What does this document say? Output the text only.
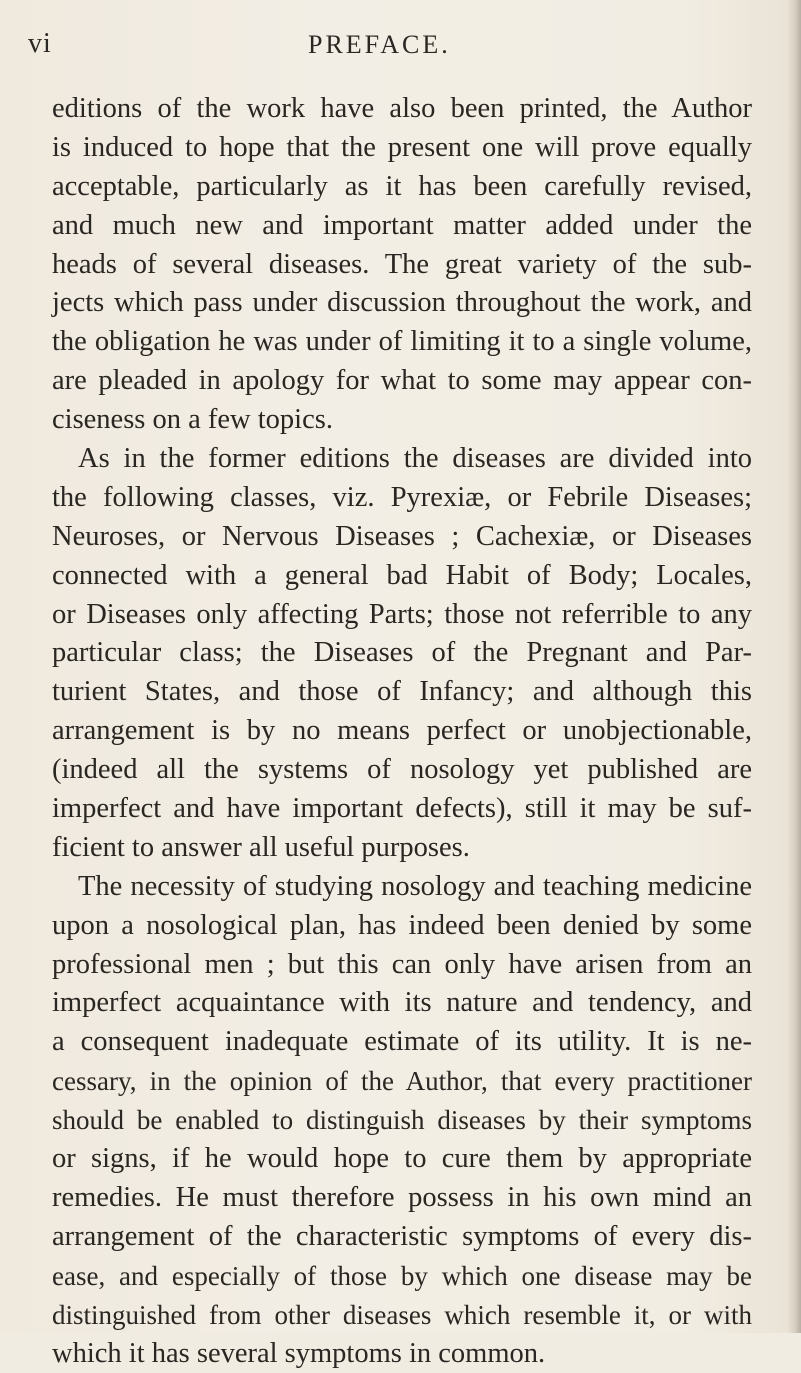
vi	PREFACE.
editions of the work have also been printed, the Author
is induced to hope that the present one will prove equally
acceptable, particularly as it has been carefully revised,
and much new and important matter added under the
heads of several diseases. The great variety of the sub-
jects which pass under discussion throughout the work, and
the obligation he was under of limiting it to a single volume,
are pleaded in apology for what to some may appear con-
ciseness on a few topics.
As in the former editions the diseases are divided into
the following classes, viz. Pyrexiæ, or Febrile Diseases;
Neuroses, or Nervous Diseases ; Cachexiæ, or Diseases
connected with a general bad Habit of Body; Locales,
or Diseases only affecting Parts; those not referrible to any
particular class; the Diseases of the Pregnant and Par-
turient States, and those of Infancy; and although this
arrangement is by no means perfect or unobjectionable,
(indeed all the systems of nosology yet published are
imperfect and have important defects), still it may be suf-
ficient to answer all useful purposes.
The necessity of studying nosology and teaching medicine
upon a nosological plan, has indeed been denied by some
professional men ; but this can only have arisen from an
imperfect acquaintance with its nature and tendency, and
a consequent inadequate estimate of its utility. It is ne-
cessary, in the opinion of the Author, that every practitioner
should be enabled to distinguish diseases by their symptoms
or signs, if he would hope to cure them by appropriate
remedies. He must therefore possess in his own mind an
arrangement of the characteristic symptoms of every dis-
ease, and especially of those by which one disease may be
distinguished from other diseases which resemble it, or with
which it has several symptoms in common.
